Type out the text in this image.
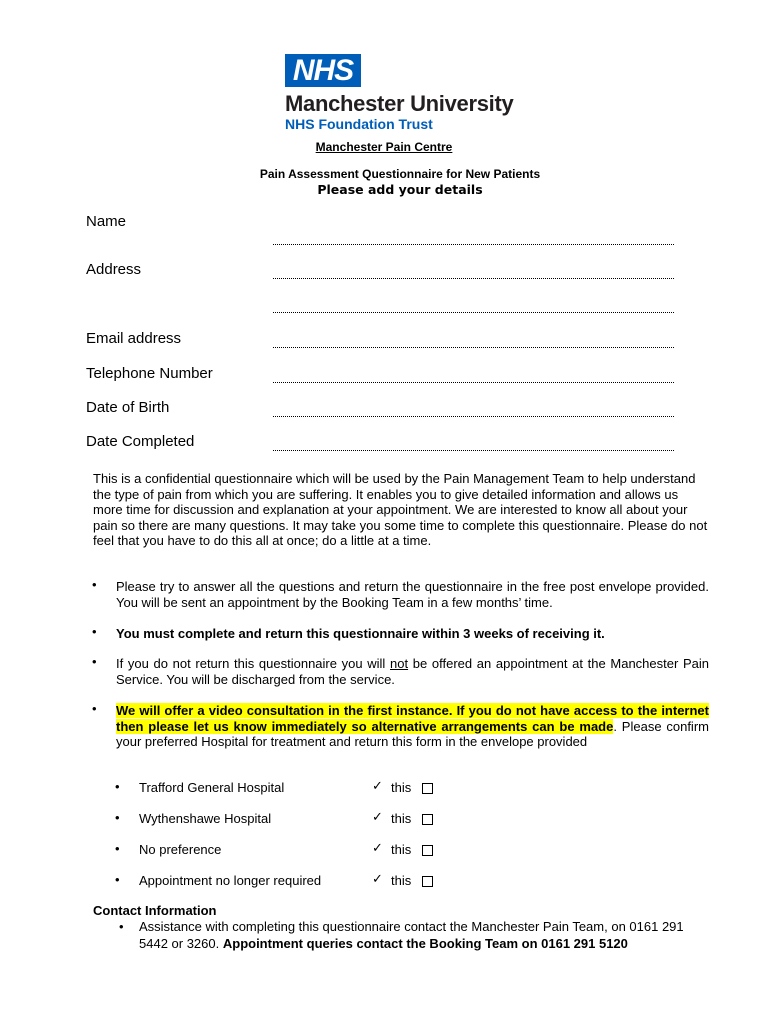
NHS
Manchester University
NHS Foundation Trust
Manchester Pain Centre
Pain Assessment Questionnaire for New Patients
Please add your details
Name
Address
Email address
Telephone Number
Date of Birth
Date Completed
This is a confidential questionnaire which will be used by the Pain Management Team to help understand the type of pain from which you are suffering. It enables you to give detailed information and allows us more time for discussion and explanation at your appointment. We are interested to know all about your pain so there are many questions. It may take you some time to complete this questionnaire. Please do not feel that you have to do this all at once; do a little at a time.
• Please try to answer all the questions and return the questionnaire in the free post envelope provided. You will be sent an appointment by the Booking Team in a few months’ time.
• You must complete and return this questionnaire within 3 weeks of receiving it.
• If you do not return this questionnaire you will not be offered an appointment at the Manchester Pain Service. You will be discharged from the service.
• We will offer a video consultation in the first instance. If you do not have access to the internet then please let us know immediately so alternative arrangements can be made. Please confirm your preferred Hospital for treatment and return this form in the envelope provided
• Trafford General Hospital	✓ this
• Wythenshawe Hospital	✓ this
• No preference	✓ this
• Appointment no longer required	✓ this
Contact Information
• Assistance with completing this questionnaire contact the Manchester Pain Team, on 0161 291 5442 or 3260. Appointment queries contact the Booking Team on 0161 291 5120
